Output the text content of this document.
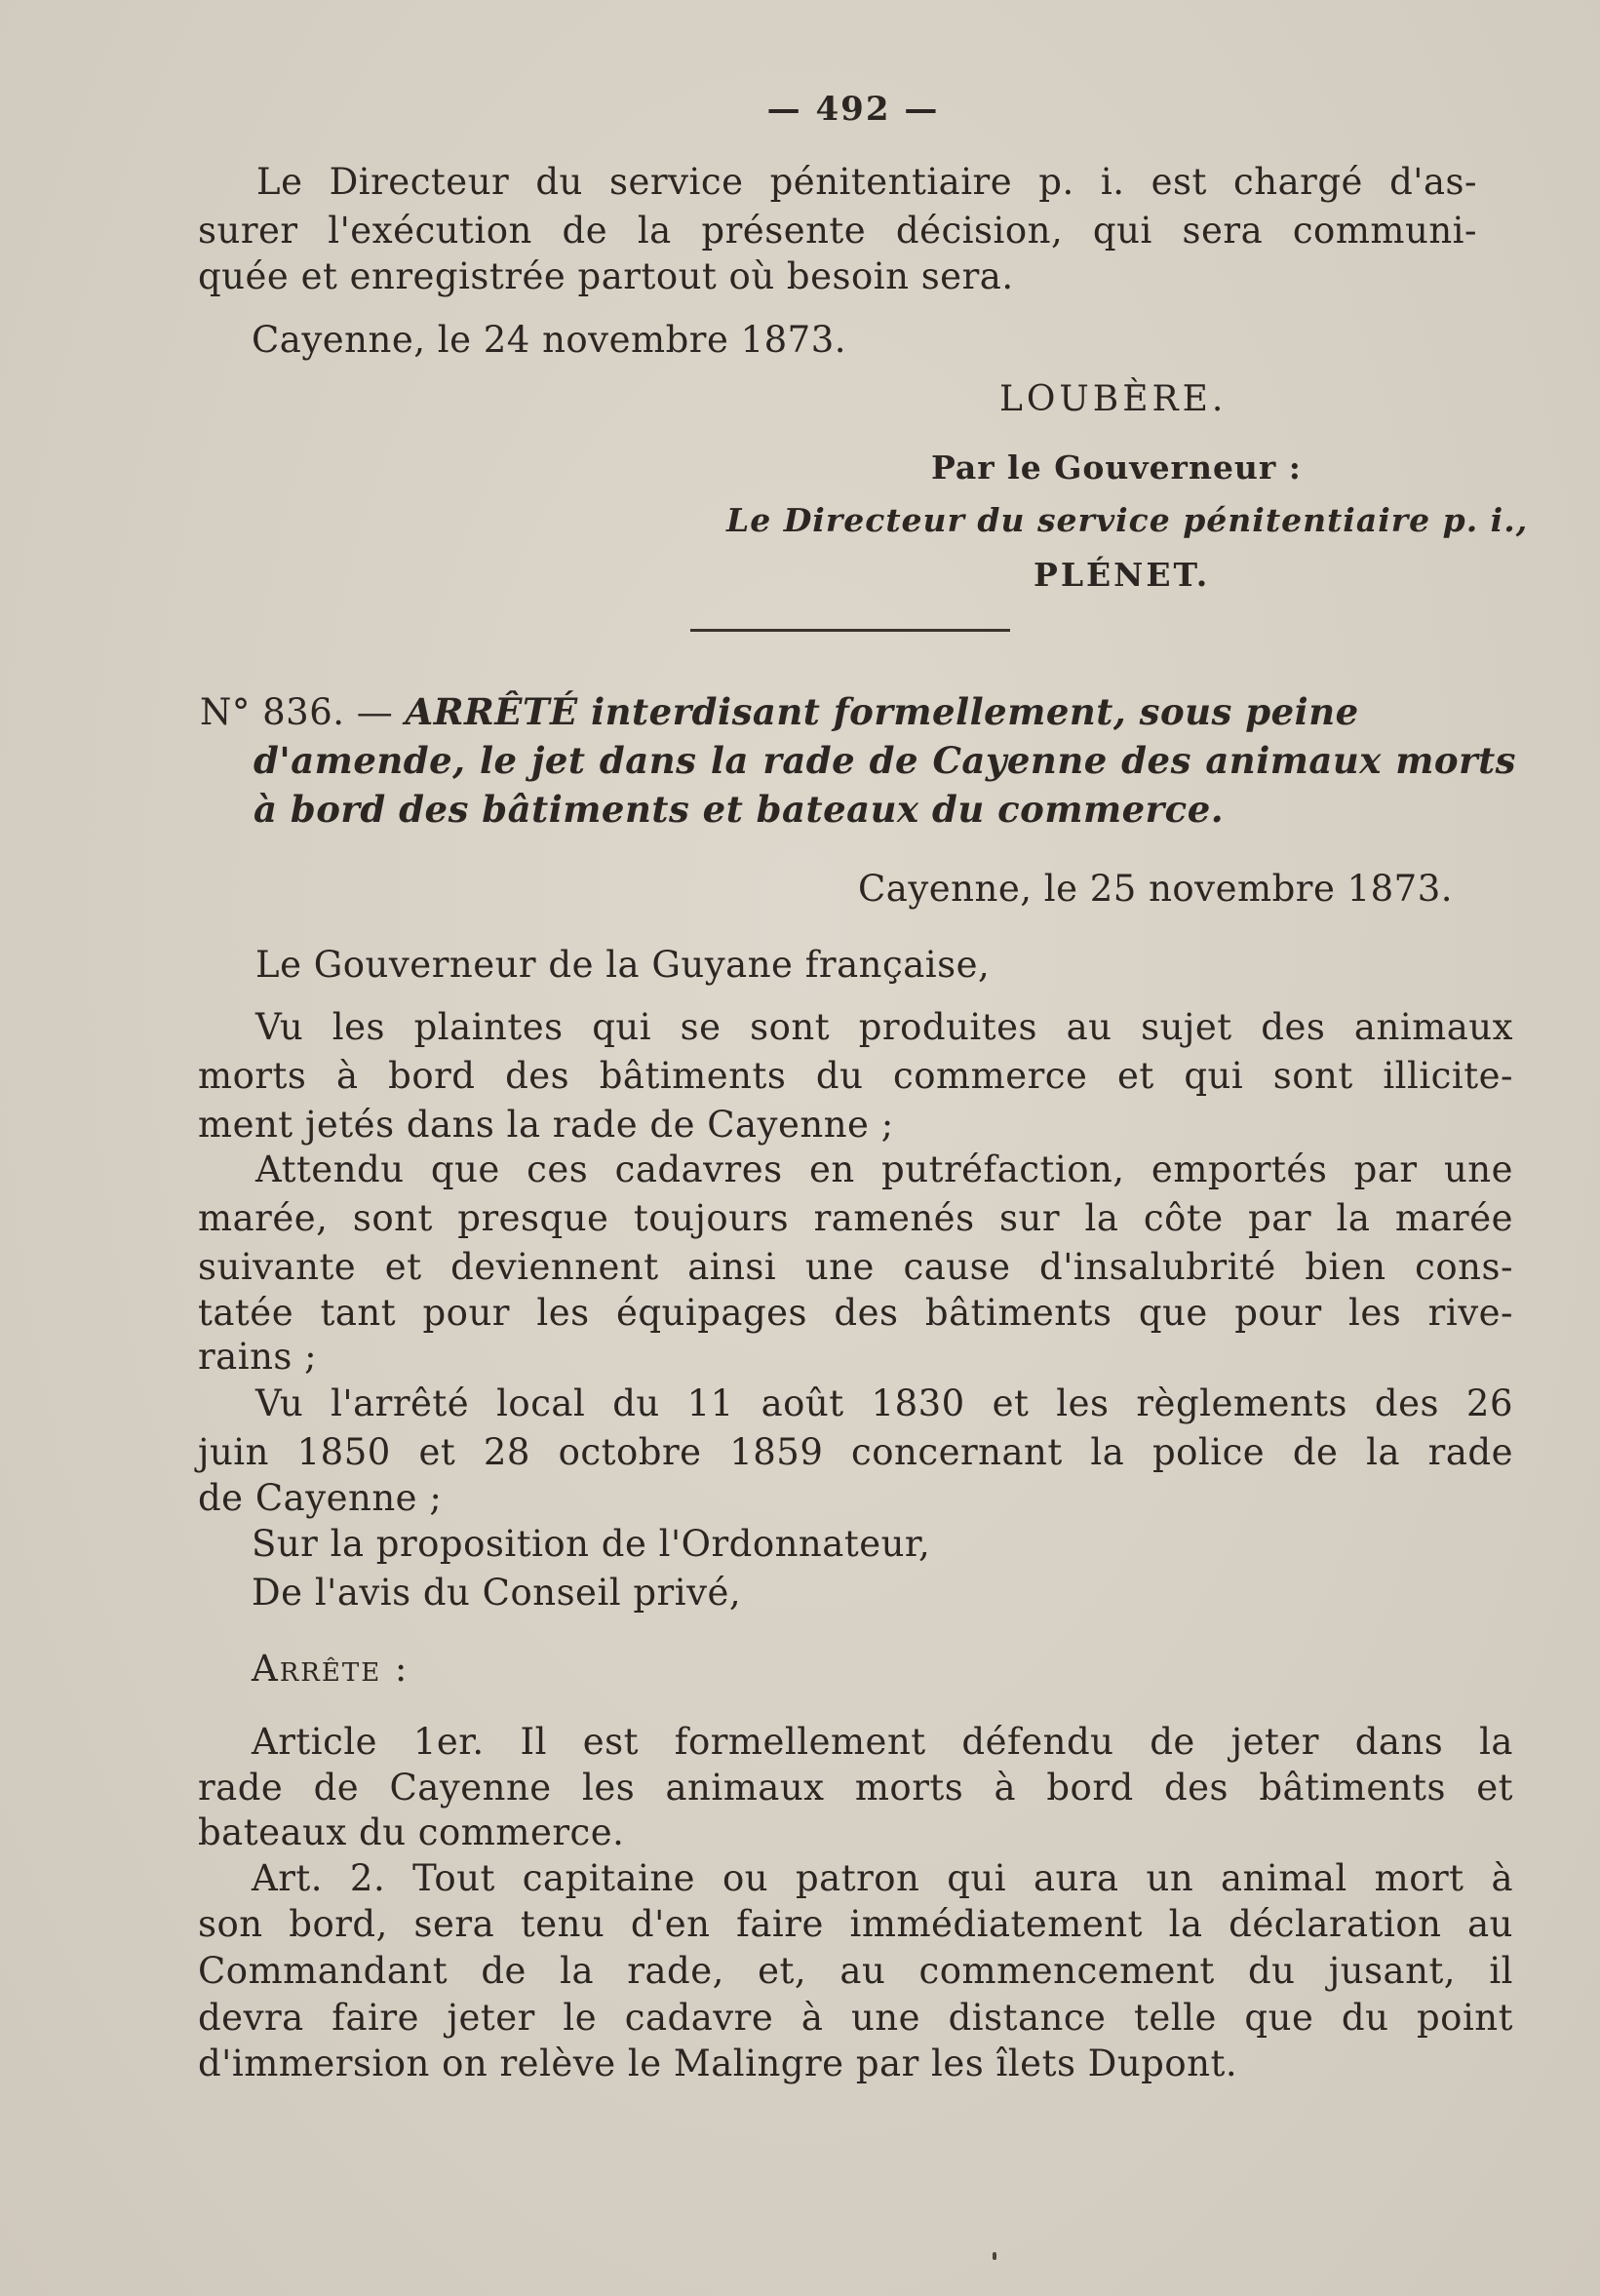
— 492 —
Le Directeur du service pénitentiaire p. i. est chargé d'as-
surer l'exécution de la présente décision, qui sera communi-
quée et enregistrée partout où besoin sera.
Cayenne, le 24 novembre 1873.
LOUBÈRE.
Par le Gouverneur :
Le Directeur du service pénitentiaire p. i.,
PLÉNET.
N° 836. — ARRÊTÉ interdisant formellement, sous peine
d'amende, le jet dans la rade de Cayenne des animaux morts
à bord des bâtiments et bateaux du commerce.
Cayenne, le 25 novembre 1873.
Le Gouverneur de la Guyane française,
Vu les plaintes qui se sont produites au sujet des animaux
morts à bord des bâtiments du commerce et qui sont illicite-
ment jetés dans la rade de Cayenne ;
Attendu que ces cadavres en putréfaction, emportés par une
marée, sont presque toujours ramenés sur la côte par la marée
suivante et deviennent ainsi une cause d'insalubrité bien cons-
tatée tant pour les équipages des bâtiments que pour les rive-
rains ;
Vu l'arrêté local du 11 août 1830 et les règlements des 26
juin 1850 et 28 octobre 1859 concernant la police de la rade
de Cayenne ;
Sur la proposition de l'Ordonnateur,
De l'avis du Conseil privé,
Arrête :
Article 1er. Il est formellement défendu de jeter dans la
rade de Cayenne les animaux morts à bord des bâtiments et
bateaux du commerce.
Art. 2. Tout capitaine ou patron qui aura un animal mort à
son bord, sera tenu d'en faire immédiatement la déclaration au
Commandant de la rade, et, au commencement du jusant, il
devra faire jeter le cadavre à une distance telle que du point
d'immersion on relève le Malingre par les îlets Dupont.
